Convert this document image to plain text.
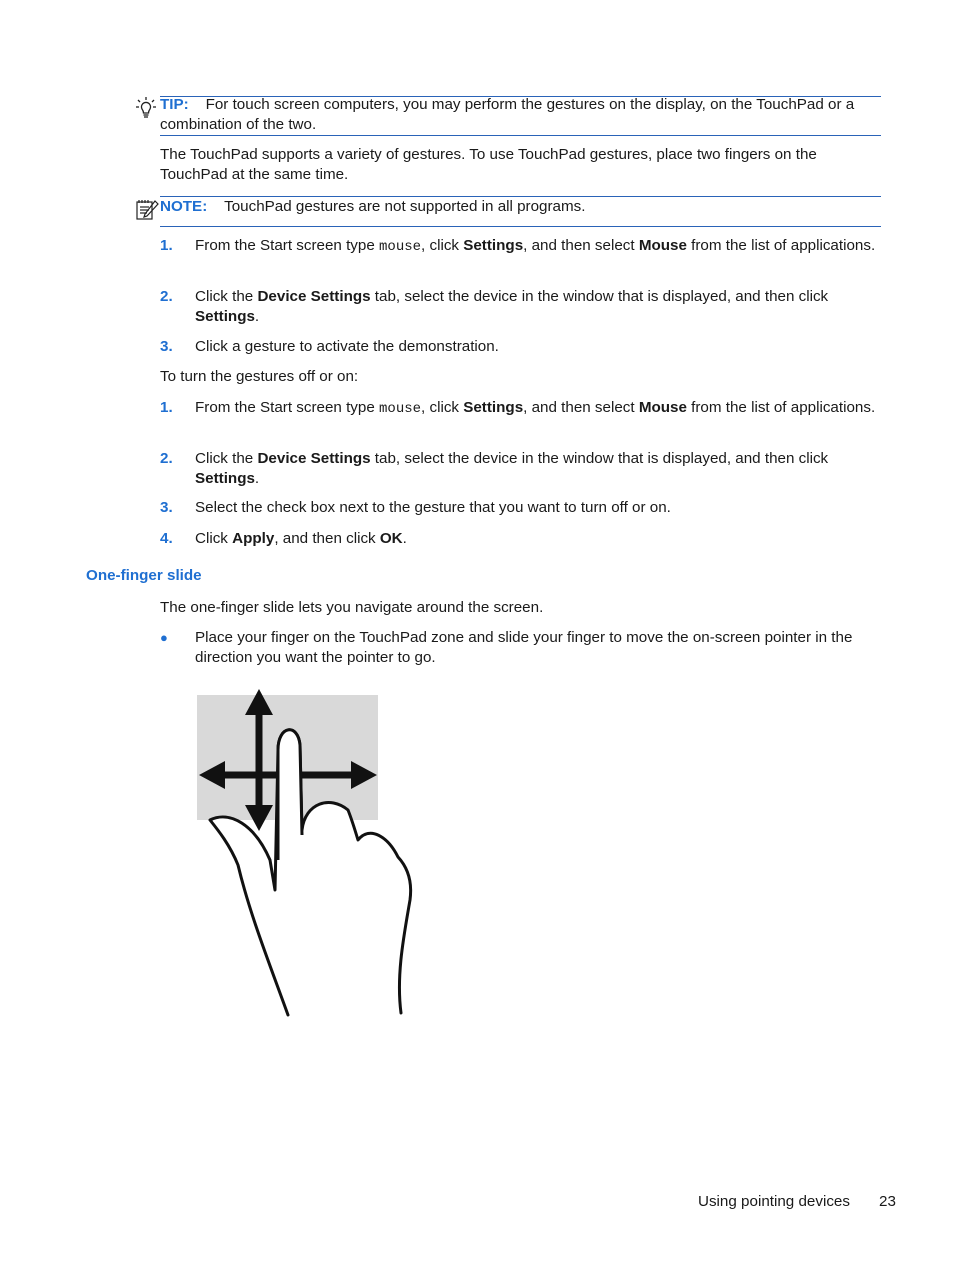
TIP: For touch screen computers, you may perform the gestures on the display, on the TouchPad or a combination of the two.
The TouchPad supports a variety of gestures. To use TouchPad gestures, place two fingers on the TouchPad at the same time.
NOTE: TouchPad gestures are not supported in all programs.
1. From the Start screen type mouse, click Settings, and then select Mouse from the list of applications.
2. Click the Device Settings tab, select the device in the window that is displayed, and then click Settings.
3. Click a gesture to activate the demonstration.
To turn the gestures off or on:
1. From the Start screen type mouse, click Settings, and then select Mouse from the list of applications.
2. Click the Device Settings tab, select the device in the window that is displayed, and then click Settings.
3. Select the check box next to the gesture that you want to turn off or on.
4. Click Apply, and then click OK.
One-finger slide
The one-finger slide lets you navigate around the screen.
● Place your finger on the TouchPad zone and slide your finger to move the on-screen pointer in the direction you want the pointer to go.
Using pointing devices 23
